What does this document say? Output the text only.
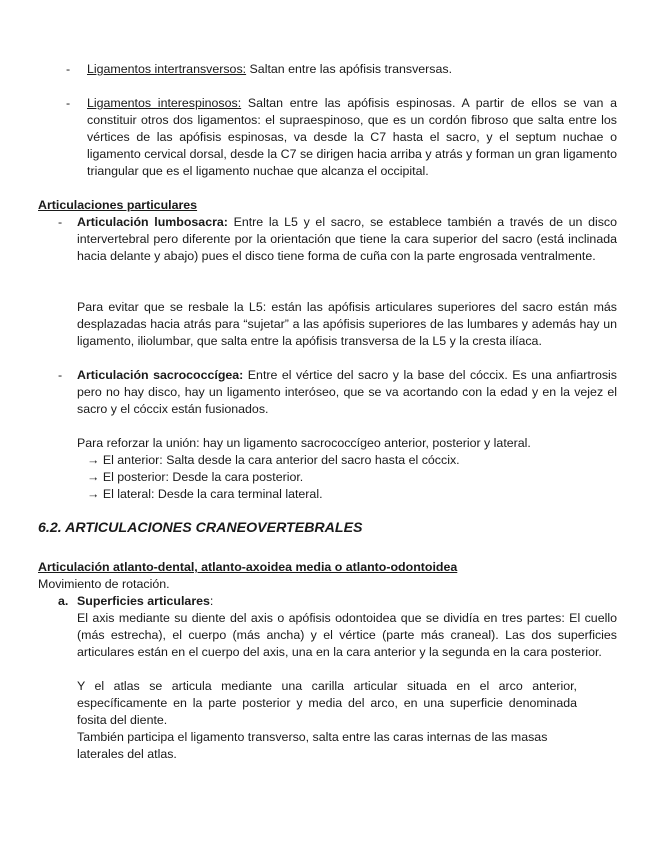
- Ligamentos intertransversos: Saltan entre las apófisis transversas.
- Ligamentos interespinosos: Saltan entre las apófisis espinosas. A partir de ellos se van a constituir otros dos ligamentos: el supraespinoso, que es un cordón fibroso que salta entre los vértices de las apófisis espinosas, va desde la C7 hasta el sacro, y el septum nuchae o ligamento cervical dorsal, desde la C7 se dirigen hacia arriba y atrás y forman un gran ligamento triangular que es el ligamento nuchae que alcanza el occipital.
Articulaciones particulares
- Articulación lumbosacra: Entre la L5 y el sacro, se establece también a través de un disco intervertebral pero diferente por la orientación que tiene la cara superior del sacro (está inclinada hacia delante y abajo) pues el disco tiene forma de cuña con la parte engrosada ventralmente.
Para evitar que se resbale la L5: están las apófisis articulares superiores del sacro están más desplazadas hacia atrás para “sujetar” a las apófisis superiores de las lumbares y además hay un ligamento, iliolumbar, que salta entre la apófisis transversa de la L5 y la cresta ilíaca.
- Articulación sacrococcígea: Entre el vértice del sacro y la base del cóccix. Es una anfiartrosis pero no hay disco, hay un ligamento interóseo, que se va acortando con la edad y en la vejez el sacro y el cóccix están fusionados.
Para reforzar la unión: hay un ligamento sacrococcígeo anterior, posterior y lateral.
→ El anterior: Salta desde la cara anterior del sacro hasta el cóccix.
→ El posterior: Desde la cara posterior.
→ El lateral: Desde la cara terminal lateral.
6.2. ARTICULACIONES CRANEOVERTEBRALES
Articulación atlanto-dental, atlanto-axoidea media o atlanto-odontoidea
Movimiento de rotación.
a. Superficies articulares:
El axis mediante su diente del axis o apófisis odontoidea que se dividía en tres partes: El cuello (más estrecha), el cuerpo (más ancha) y el vértice (parte más craneal). Las dos superficies articulares están en el cuerpo del axis, una en la cara anterior y la segunda en la cara posterior.
Y el atlas se articula mediante una carilla articular situada en el arco anterior, específicamente en la parte posterior y media del arco, en una superficie denominada fosita del diente.
También participa el ligamento transverso, salta entre las caras internas de las masas laterales del atlas.
